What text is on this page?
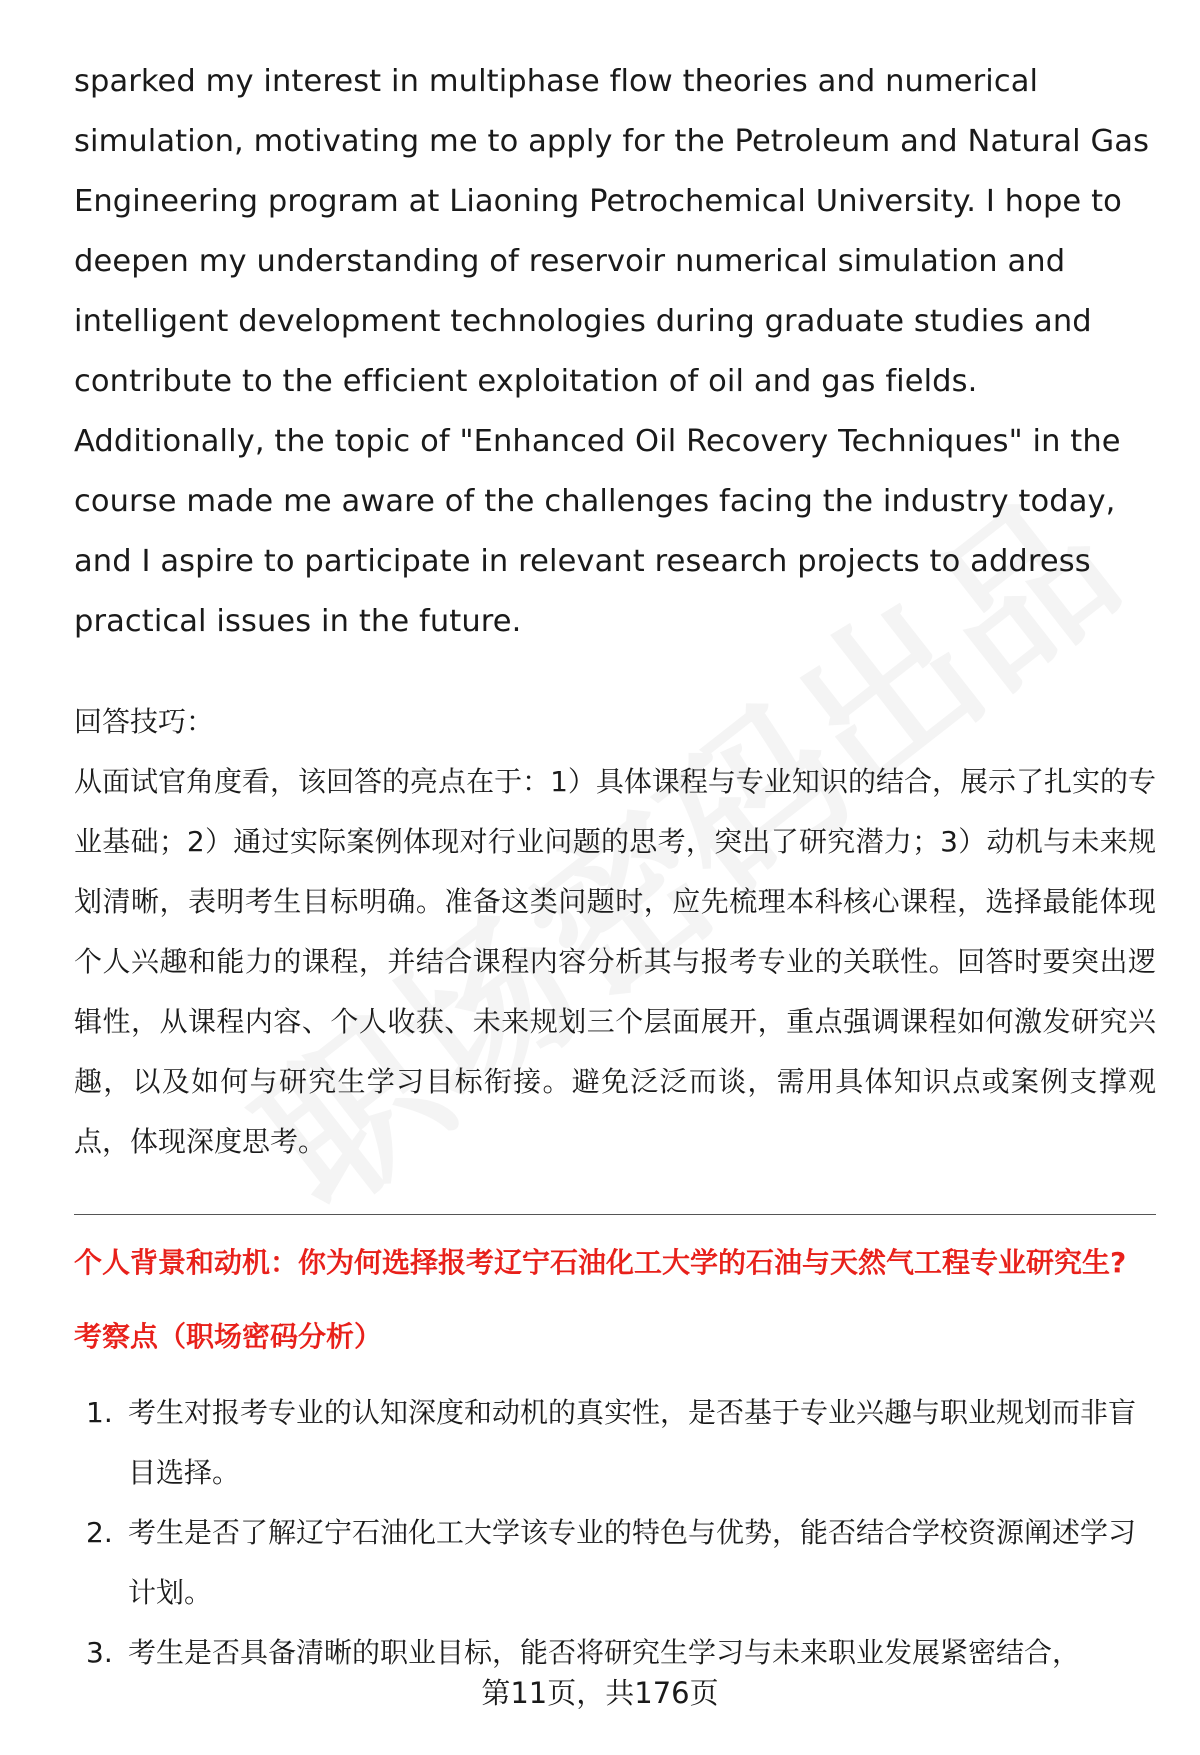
sparked my interest in multiphase flow theories and numerical simulation, motivating me to apply for the Petroleum and Natural Gas Engineering program at Liaoning Petrochemical University. I hope to deepen my understanding of reservoir numerical simulation and intelligent development technologies during graduate studies and contribute to the efficient exploitation of oil and gas fields. Additionally, the topic of "Enhanced Oil Recovery Techniques" in the course made me aware of the challenges facing the industry today, and I aspire to participate in relevant research projects to address practical issues in the future.

回答技巧：

从面试官角度看，该回答的亮点在于：1）具体课程与专业知识的结合，展示了扎实的专业基础；2）通过实际案例体现对行业问题的思考，突出了研究潜力；3）动机与未来规划清晰，表明考生目标明确。准备这类问题时，应先梳理本科核心课程，选择最能体现个人兴趣和能力的课程，并结合课程内容分析其与报考专业的关联性。回答时要突出逻辑性，从课程内容、个人收获、未来规划三个层面展开，重点强调课程如何激发研究兴趣，以及如何与研究生学习目标衔接。避免泛泛而谈，需用具体知识点或案例支撑观点，体现深度思考。

个人背景和动机：你为何选择报考辽宁石油化工大学的石油与天然气工程专业研究生?
考察点（职场密码分析）
1. 考生对报考专业的认知深度和动机的真实性，是否基于专业兴趣与职业规划而非盲目选择。
2. 考生是否了解辽宁石油化工大学该专业的特色与优势，能否结合学校资源阐述学习计划。
3. 考生是否具备清晰的职业目标，能否将研究生学习与未来职业发展紧密结合，
第11页，共176页
